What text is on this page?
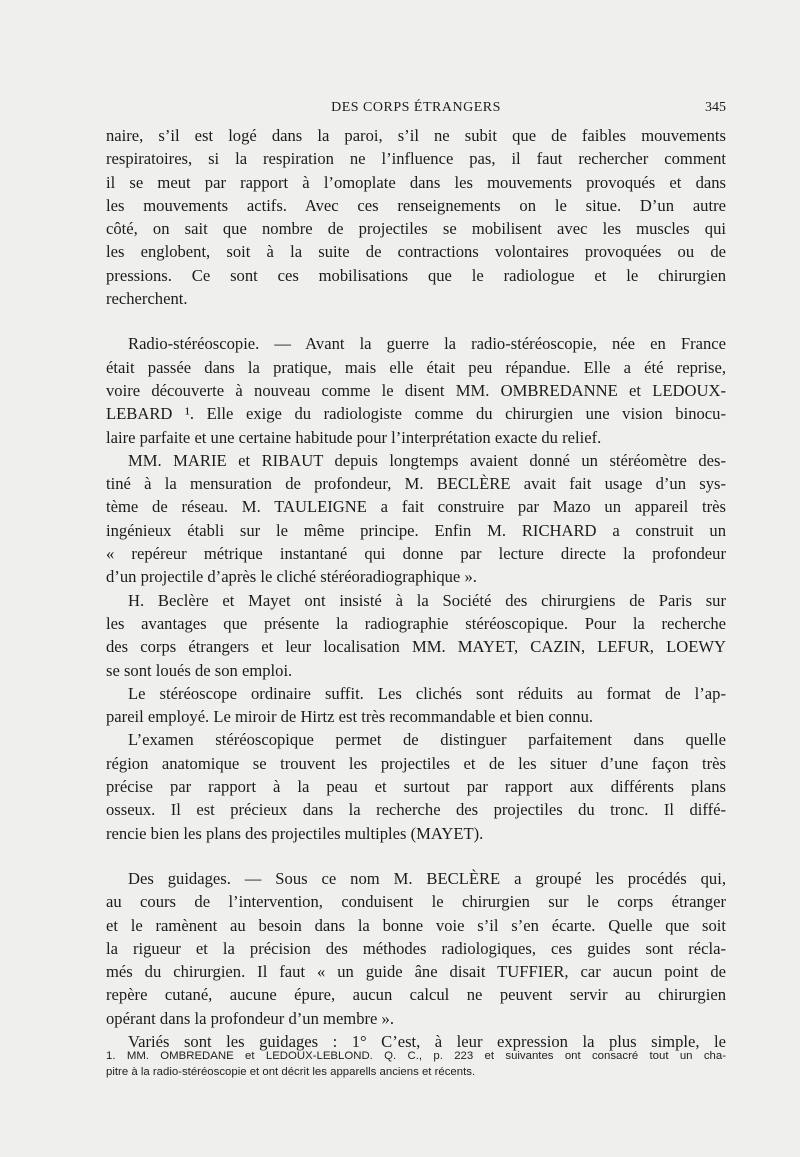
DES CORPS ÉTRANGERS	345
naire, s’il est logé dans la paroi, s’il ne subit que de faibles mouvements
respiratoires, si la respiration ne l’influence pas, il faut rechercher comment
il se meut par rapport à l’omoplate dans les mouvements provoqués et dans
les mouvements actifs. Avec ces renseignements on le situe. D’un autre
côté, on sait que nombre de projectiles se mobilisent avec les muscles qui
les englobent, soit à la suite de contractions volontaires provoquées ou de
pressions. Ce sont ces mobilisations que le radiologue et le chirurgien
recherchent.
Radio-stéréoscopie. — Avant la guerre la radio-stéréoscopie, née en France
était passée dans la pratique, mais elle était peu répandue. Elle a été reprise,
voire découverte à nouveau comme le disent MM. OMBREDANNE et LEDOUX-
LEBARD ¹. Elle exige du radiologiste comme du chirurgien une vision binocu-
laire parfaite et une certaine habitude pour l’interprétation exacte du relief.
MM. MARIE et RIBAUT depuis longtemps avaient donné un stéréomètre des-
tiné à la mensuration de profondeur, M. BECLÈRE avait fait usage d’un sys-
tème de réseau. M. TAULEIGNE a fait construire par Mazo un appareil très
ingénieux établi sur le même principe. Enfin M. RICHARD a construit un
« repéreur métrique instantané qui donne par lecture directe la profondeur
d’un projectile d’après le cliché stéréoradiographique ».
H. Beclère et Mayet ont insisté à la Société des chirurgiens de Paris sur
les avantages que présente la radiographie stéréoscopique. Pour la recherche
des corps étrangers et leur localisation MM. MAYET, CAZIN, LEFUR, LOEWY
se sont loués de son emploi.
Le stéréoscope ordinaire suffit. Les clichés sont réduits au format de l’ap-
pareil employé. Le miroir de Hirtz est très recommandable et bien connu.
L’examen stéréoscopique permet de distinguer parfaitement dans quelle
région anatomique se trouvent les projectiles et de les situer d’une façon très
précise par rapport à la peau et surtout par rapport aux différents plans
osseux. Il est précieux dans la recherche des projectiles du tronc. Il diffé-
rencie bien les plans des projectiles multiples (MAYET).
Des guidages. — Sous ce nom M. BECLÈRE a groupé les procédés qui,
au cours de l’intervention, conduisent le chirurgien sur le corps étranger
et le ramènent au besoin dans la bonne voie s’il s’en écarte. Quelle que soit
la rigueur et la précision des méthodes radiologiques, ces guides sont récla-
més du chirurgien. Il faut « un guide âne disait TUFFIER, car aucun point de
repère cutané, aucune épure, aucun calcul ne peuvent servir au chirurgien
opérant dans la profondeur d’un membre ».
Variés sont les guidages : 1° C’est, à leur expression la plus simple, le
1. MM. OMBREDANE et LEDOUX-LEBLOND. Q. C., p. 223 et suivantes ont consacré tout un cha-
pitre à la radio-stéréoscopie et ont décrit les apparells anciens et récents.
